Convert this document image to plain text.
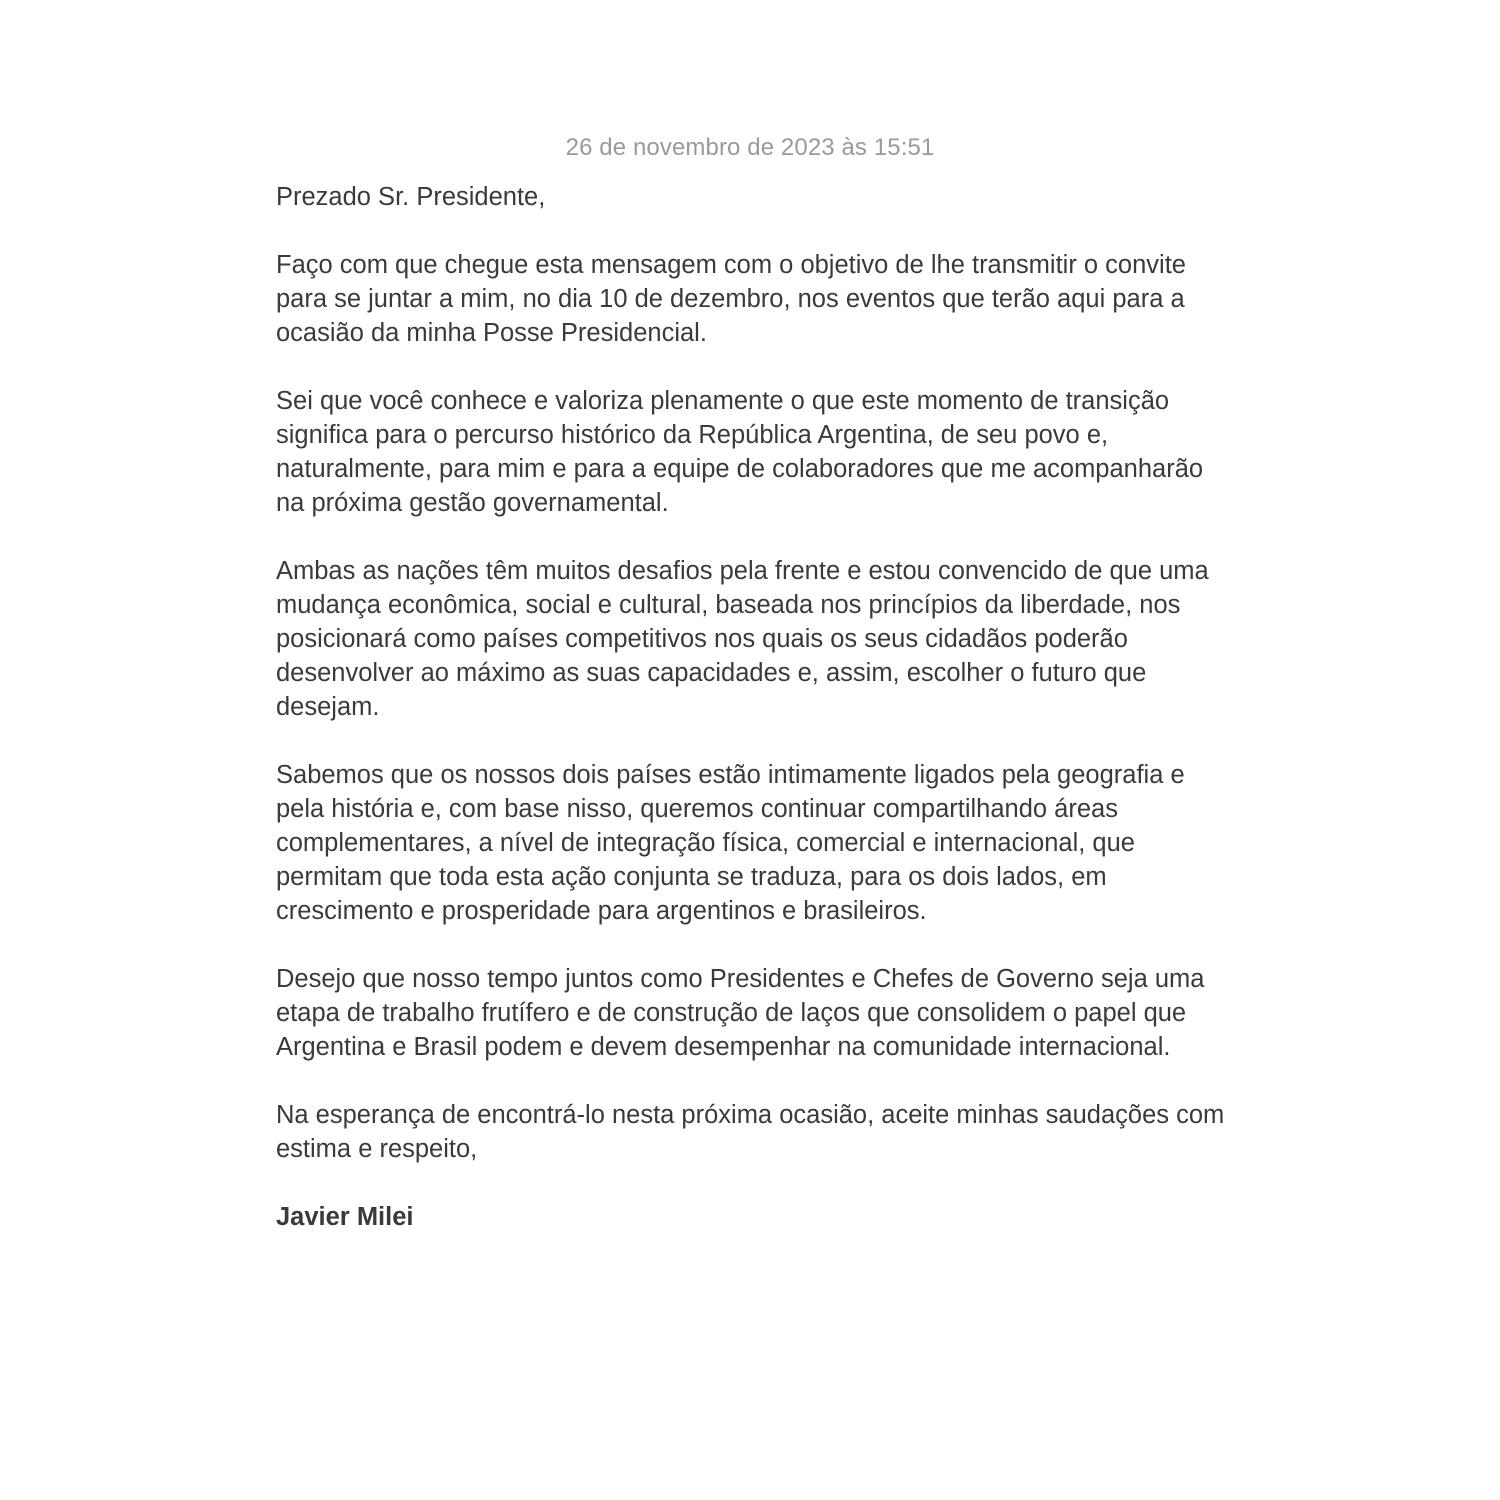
26 de novembro de 2023 às 15:51

Prezado Sr. Presidente,

Faço com que chegue esta mensagem com o objetivo de lhe transmitir o convite para se juntar a mim, no dia 10 de dezembro, nos eventos que terão aqui para a ocasião da minha Posse Presidencial.

Sei que você conhece e valoriza plenamente o que este momento de transição significa para o percurso histórico da República Argentina, de seu povo e, naturalmente, para mim e para a equipe de colaboradores que me acompanharão na próxima gestão governamental.

Ambas as nações têm muitos desafios pela frente e estou convencido de que uma mudança econômica, social e cultural, baseada nos princípios da liberdade, nos posicionará como países competitivos nos quais os seus cidadãos poderão desenvolver ao máximo as suas capacidades e, assim, escolher o futuro que desejam.

Sabemos que os nossos dois países estão intimamente ligados pela geografia e pela história e, com base nisso, queremos continuar compartilhando áreas complementares, a nível de integração física, comercial e internacional, que permitam que toda esta ação conjunta se traduza, para os dois lados, em crescimento e prosperidade para argentinos e brasileiros.

Desejo que nosso tempo juntos como Presidentes e Chefes de Governo seja uma etapa de trabalho frutífero e de construção de laços que consolidem o papel que Argentina e Brasil podem e devem desempenhar na comunidade internacional.

Na esperança de encontrá-lo nesta próxima ocasião, aceite minhas saudações com estima e respeito,

Javier Milei
